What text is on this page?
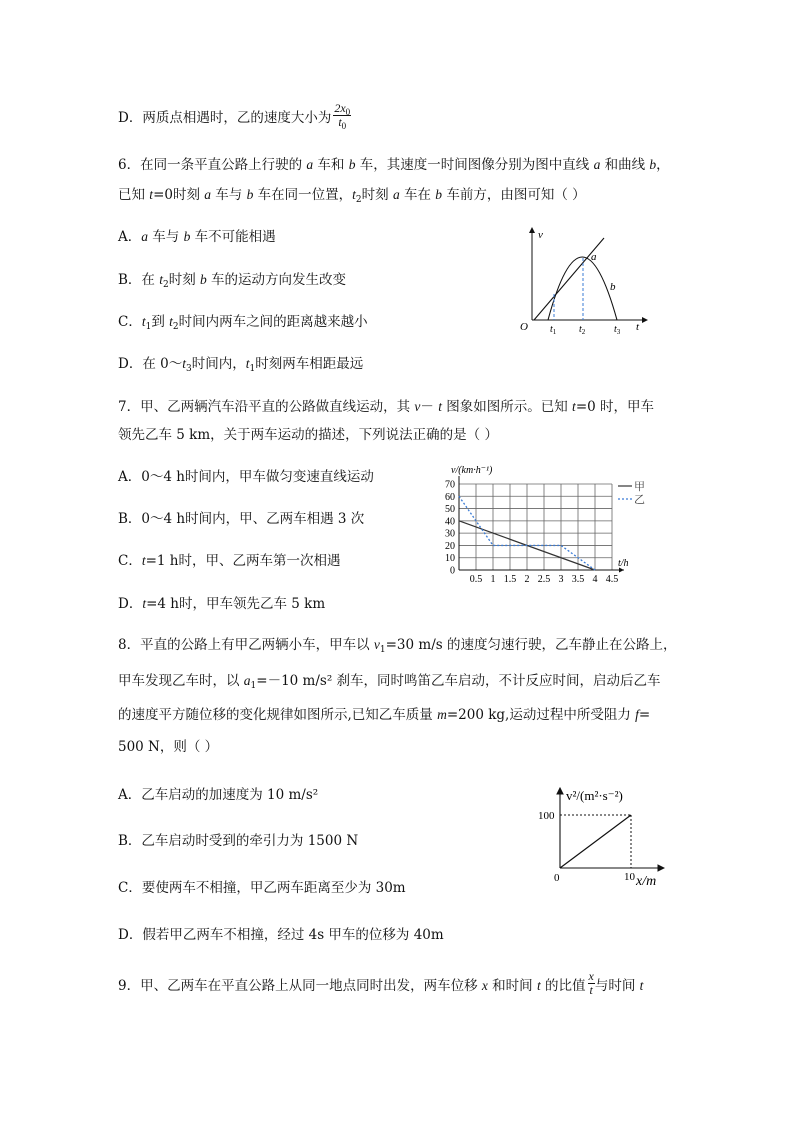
D．两质点相遇时，乙的速度大小为 $\frac{2x_0}{t_0}$
6．在同一条平直公路上行驶的 a 车和 b 车，其速度一时间图像分别为图中直线 a 和曲线 b，
已知 t=0时刻 a 车与 b 车在同一位置，$t_2$时刻 a 车在 b 车前方，由图可知（ ）
A．a 车与 b 车不可能相遇
B．在 $t_2$时刻 b 车的运动方向发生改变
C．$t_1$到 $t_2$时间内两车之间的距离越来越小
D．在 $0\sim t_3$时间内，$t_1$时刻两车相距最远
v
t
O
a
b
$t_1$ $t_2$	$t_3$
7．甲、乙两辆汽车沿平直的公路做直线运动，其 v－ t 图象如图所示。已知 t=0 时，甲车
领先乙车 5 km，关于两车运动的描述，下列说法正确的是（ ）
A．0～4 h时间内，甲车做匀变速直线运动
B．0～4 h时间内，甲、乙两车相遇 3 次
C．t=1 h时，甲、乙两车第一次相遇
D．t=4 h时，甲车领先乙车 5 km
0
10
20
30
40
50
60
70
0.5 1 1.5 2 2.5 3 3.5 4 4.5
v/(km·h⁻¹)
t/h
甲
乙
8．平直的公路上有甲乙两辆小车，甲车以 $v_1=30$ m/s 的速度匀速行驶，乙车静止在公路上，
甲车发现乙车时，以 $a_1=-10$ m/s² 刹车，同时鸣笛乙车启动，不计反应时间，启动后乙车
的速度平方随位移的变化规律如图所示,已知乙车质量 m=200 kg,运动过程中所受阻力 f=
500 N，则（ ）
A．乙车启动的加速度为 10 m/s²
B．乙车启动时受到的牵引力为 1500 N
C．要使两车不相撞，甲乙两车距离至少为 30m
D．假若甲乙两车不相撞，经过 4s 甲车的位移为 40m
v²/(m²·s⁻²)
x/m
0
100
10
9．甲、乙两车在平直公路上从同一地点同时出发，两车位移 x 和时间 t 的比值 $\frac{x}{t}$ 与时间 t
